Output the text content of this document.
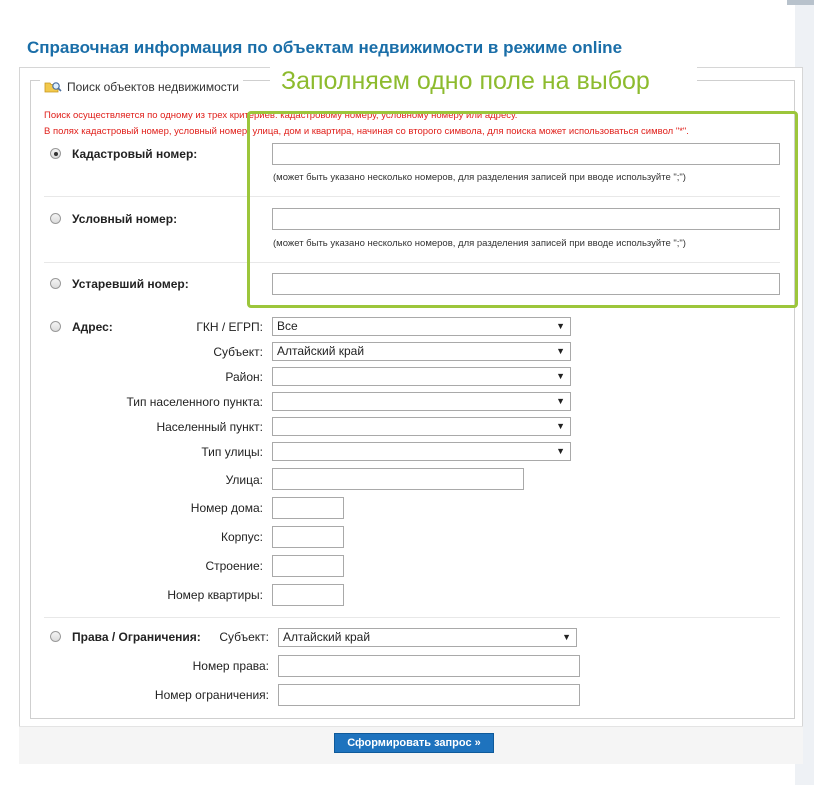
Справочная информация по объектам недвижимости в режиме online
Поиск объектов недвижимости
Поиск осуществляется по одному из трех критериев: кадастровому номеру, условному номеру или адресу.
В полях кадастровый номер, условный номер, улица, дом и квартира, начиная со второго символа, для поиска может использоваться символ "*".
Заполняем одно поле на выбор
Кадастровый номер:
(может быть указано несколько номеров, для разделения записей при вводе используйте ";")
Условный номер:
(может быть указано несколько номеров, для разделения записей при вводе используйте ";")
Устаревший номер:
Адрес:	ГКН / ЕГРП:	Все	▼
Субъект:	Алтайский край	▼
Район:	▼
Тип населенного пункта:	▼
Населенный пункт:	▼
Тип улицы:	▼
Улица:
Номер дома:
Корпус:
Строение:
Номер квартиры:
Права / Ограничения: Субъект:	Алтайский край	▼
Номер права:
Номер ограничения:
Сформировать запрос »
